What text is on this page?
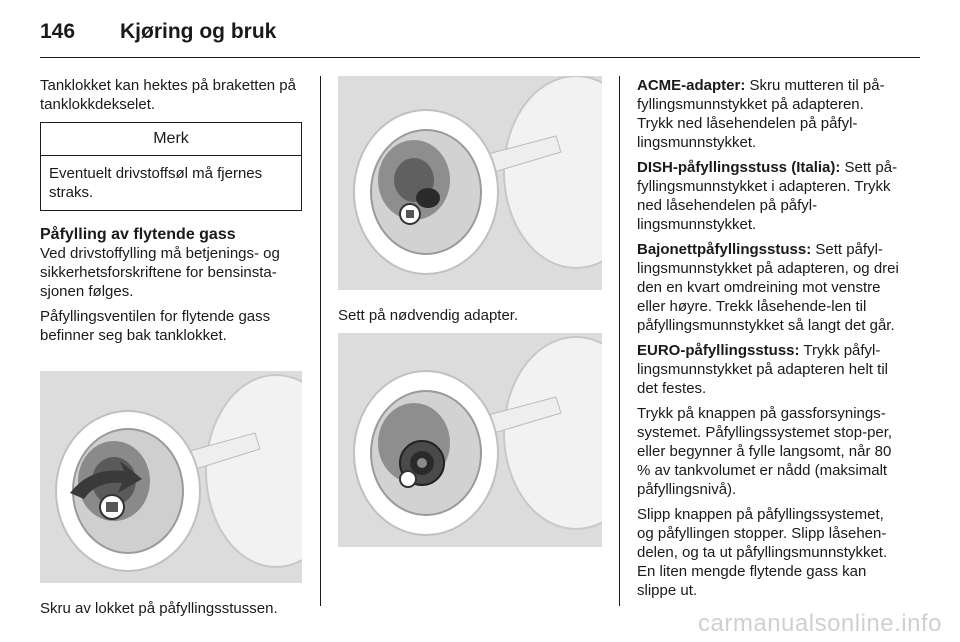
146 Kjøring og bruk

Tanklokket kan hektes på braketten på tanklokkdekselet.

Merk
Eventuelt drivstoffsøl må fjernes straks.
Påfylling av flytende gass

Ved drivstoffylling må betjenings- og sikkerhetsforskriftene for bensinsta-sjonen følges.

Påfyllingsventilen for flytende gass befinner seg bak tanklokket.

Skru av lokket på påfyllingsstussen.
Sett på nødvendig adapter.

ACME-adapter: Skru mutteren til på-fyllingsmunnstykket på adapteren. Trykk ned låsehendelen på påfyl-lingsmunnstykket.

DISH-påfyllingsstuss (Italia): Sett på-fyllingsmunnstykket i adapteren. Trykk ned låsehendelen på påfyl-lingsmunnstykket.

Bajonettpåfyllingsstuss: Sett påfyl-lingsmunnstykket på adapteren, og drei den en kvart omdreining mot venstre eller høyre. Trekk låsehende-len til påfyllingsmunnstykket så langt det går.

EURO-påfyllingsstuss: Trykk påfyl-lingsmunnstykket på adapteren helt til det festes.

Trykk på knappen på gassforsynings-systemet. Påfyllingssystemet stop-per, eller begynner å fylle langsomt, når 80 % av tankvolumet er nådd (maksimalt påfyllingsnivå).

Slipp knappen på påfyllingssystemet, og påfyllingen stopper. Slipp låsehen-delen, og ta ut påfyllingsmunnstykket. En liten mengde flytende gass kan slippe ut.

carmanualsonline.info
